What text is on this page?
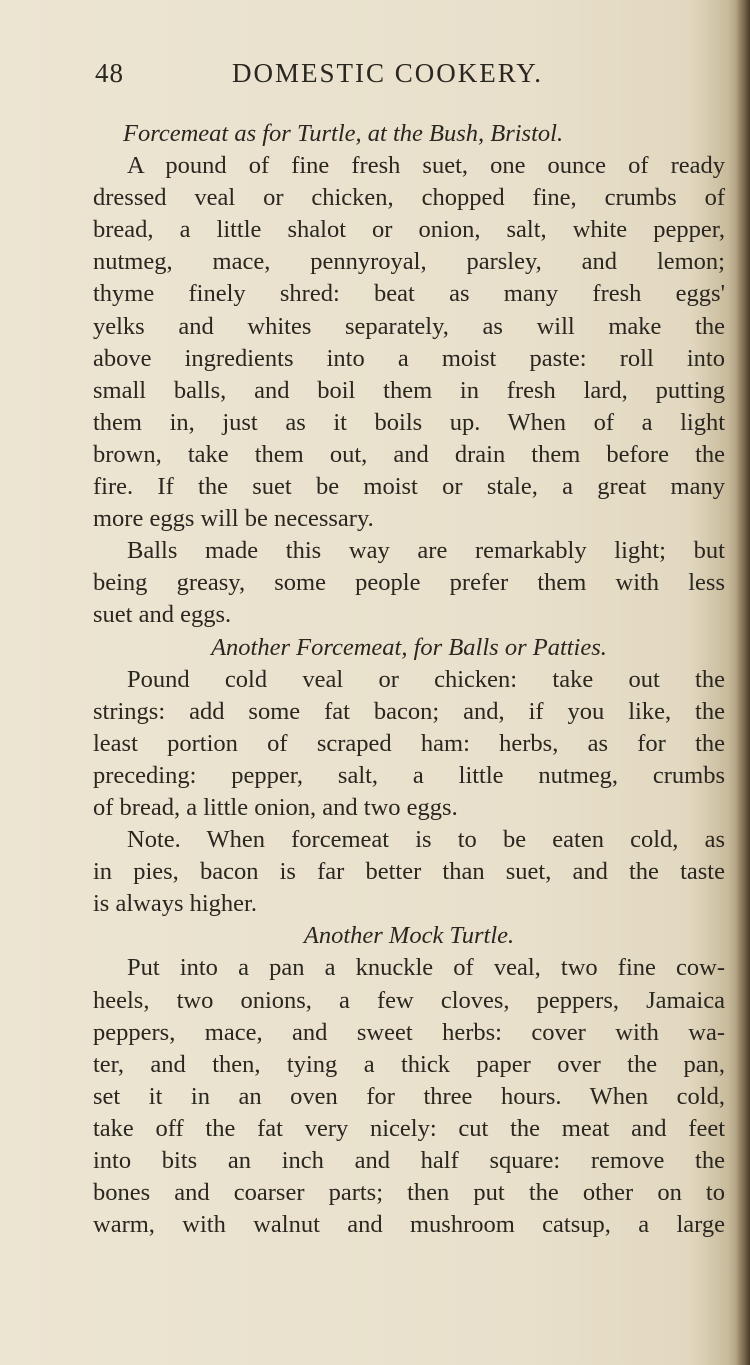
48	DOMESTIC COOKERY.
Forcemeat as for Turtle, at the Bush, Bristol.
A pound of fine fresh suet, one ounce of ready
dressed veal or chicken, chopped fine, crumbs of
bread, a little shalot or onion, salt, white pepper,
nutmeg, mace, pennyroyal, parsley, and lemon;
thyme finely shred: beat as many fresh eggs'
yelks and whites separately, as will make the
above ingredients into a moist paste: roll into
small balls, and boil them in fresh lard, putting
them in, just as it boils up. When of a light
brown, take them out, and drain them before the
fire. If the suet be moist or stale, a great many
more eggs will be necessary.
Balls made this way are remarkably light; but
being greasy, some people prefer them with less
suet and eggs.
Another Forcemeat, for Balls or Patties.
Pound cold veal or chicken: take out the
strings: add some fat bacon; and, if you like, the
least portion of scraped ham: herbs, as for the
preceding: pepper, salt, a little nutmeg, crumbs
of bread, a little onion, and two eggs.
Note. When forcemeat is to be eaten cold, as
in pies, bacon is far better than suet, and the taste
is always higher.
Another Mock Turtle.
Put into a pan a knuckle of veal, two fine cow-
heels, two onions, a few cloves, peppers, Jamaica
peppers, mace, and sweet herbs: cover with wa-
ter, and then, tying a thick paper over the pan,
set it in an oven for three hours. When cold,
take off the fat very nicely: cut the meat and feet
into bits an inch and half square: remove the
bones and coarser parts; then put the other on to
warm, with walnut and mushroom catsup, a large
